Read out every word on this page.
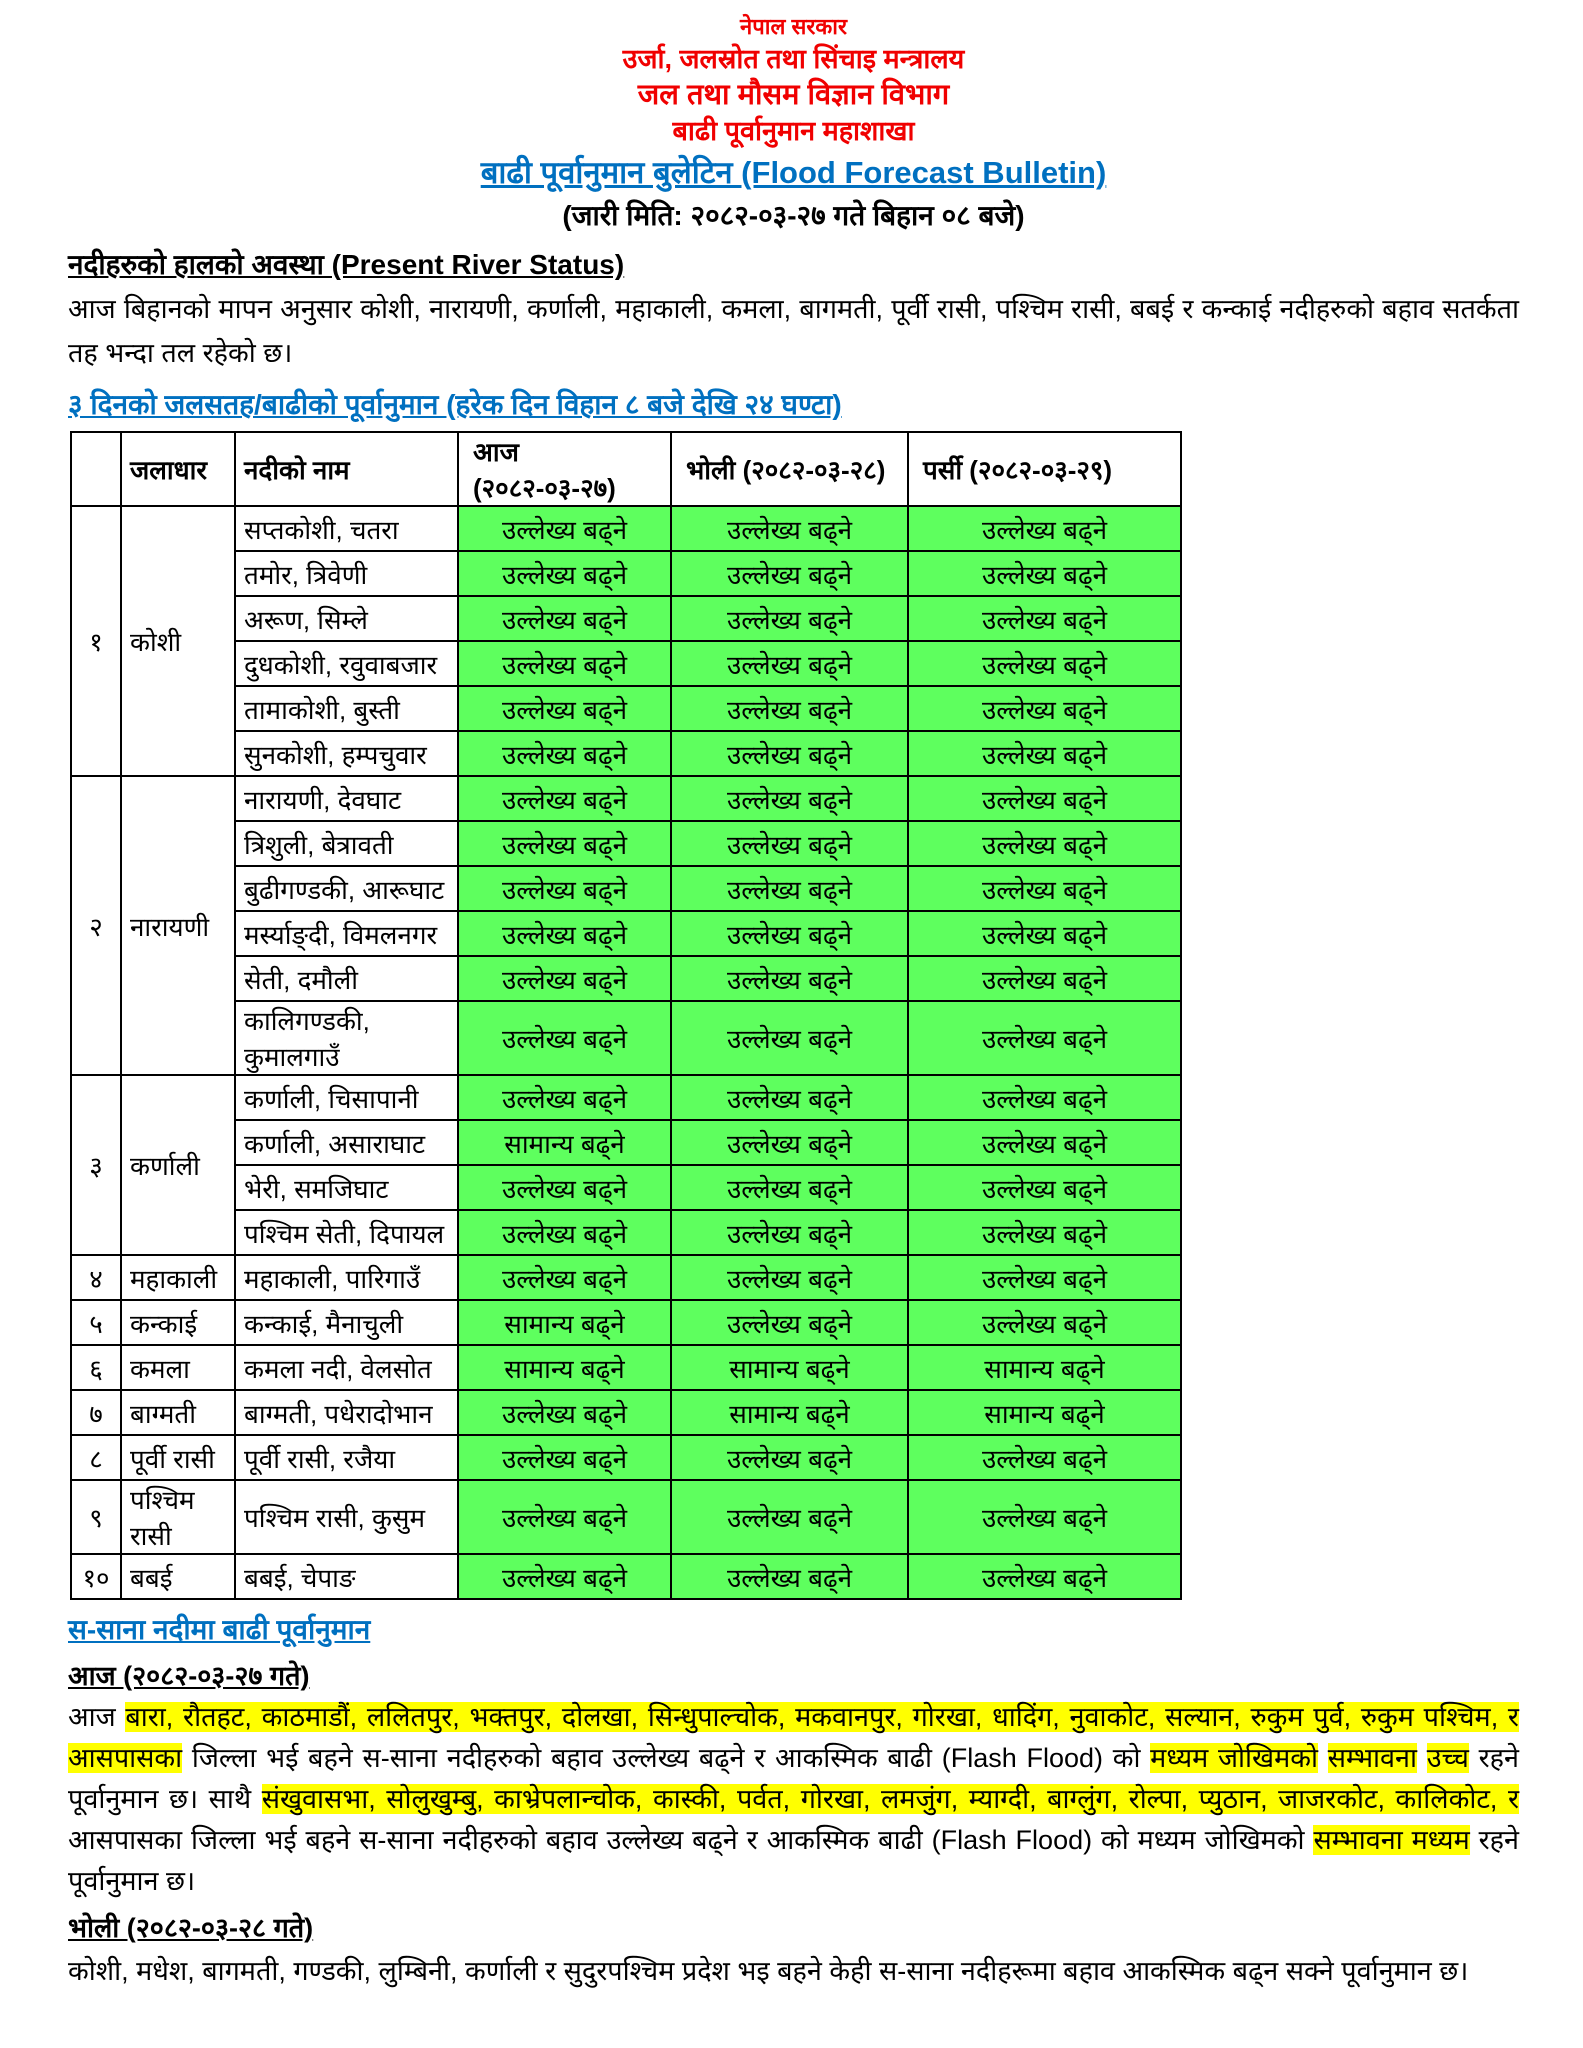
नेपाल सरकार
उर्जा, जलस्रोत तथा सिंचाइ मन्त्रालय
जल तथा मौसम विज्ञान विभाग
बाढी पूर्वानुमान महाशाखा
बाढी पूर्वानुमान बुलेटिन (Flood Forecast Bulletin)
(जारी मिति: २०८२-०३-२७ गते बिहान ०८ बजे)
नदीहरुको हालको अवस्था (Present River Status)

आज बिहानको मापन अनुसार कोशी, नारायणी, कर्णाली, महाकाली, कमला, बागमती, पूर्वी रासी, पश्चिम रासी, बबई र कन्काई नदीहरुको बहाव सतर्कता तह भन्दा तल रहेको छ।

३ दिनको जलसतह/बाढीको पूर्वानुमान (हरेक दिन विहान ८ बजे देखि २४ घण्टा)
	जलाधार	नदीको नाम	आज (२०८२-०३-२७)	भोली (२०८२-०३-२८)	पर्सी (२०८२-०३-२९)
१	कोशी	सप्तकोशी, चतरा	उल्लेख्य बढ्ने	उल्लेख्य बढ्ने	उल्लेख्य बढ्ने
		तमोर, त्रिवेणी	उल्लेख्य बढ्ने	उल्लेख्य बढ्ने	उल्लेख्य बढ्ने
		अरूण, सिम्ले	उल्लेख्य बढ्ने	उल्लेख्य बढ्ने	उल्लेख्य बढ्ने
		दुधकोशी, रवुवाबजार	उल्लेख्य बढ्ने	उल्लेख्य बढ्ने	उल्लेख्य बढ्ने
		तामाकोशी, बुस्ती	उल्लेख्य बढ्ने	उल्लेख्य बढ्ने	उल्लेख्य बढ्ने
		सुनकोशी, हम्पचुवार	उल्लेख्य बढ्ने	उल्लेख्य बढ्ने	उल्लेख्य बढ्ने
२	नारायणी	नारायणी, देवघाट	उल्लेख्य बढ्ने	उल्लेख्य बढ्ने	उल्लेख्य बढ्ने
		त्रिशुली, बेत्रावती	उल्लेख्य बढ्ने	उल्लेख्य बढ्ने	उल्लेख्य बढ्ने
		बुढीगण्डकी, आरूघाट	उल्लेख्य बढ्ने	उल्लेख्य बढ्ने	उल्लेख्य बढ्ने
		मर्स्याङ्दी, विमलनगर	उल्लेख्य बढ्ने	उल्लेख्य बढ्ने	उल्लेख्य बढ्ने
		सेती, दमौली	उल्लेख्य बढ्ने	उल्लेख्य बढ्ने	उल्लेख्य बढ्ने
		कालिगण्डकी, कुमालगाउँ	उल्लेख्य बढ्ने	उल्लेख्य बढ्ने	उल्लेख्य बढ्ने
३	कर्णाली	कर्णाली, चिसापानी	उल्लेख्य बढ्ने	उल्लेख्य बढ्ने	उल्लेख्य बढ्ने
		कर्णाली, असाराघाट	सामान्य बढ्ने	उल्लेख्य बढ्ने	उल्लेख्य बढ्ने
		भेरी, समजिघाट	उल्लेख्य बढ्ने	उल्लेख्य बढ्ने	उल्लेख्य बढ्ने
		पश्चिम सेती, दिपायल	उल्लेख्य बढ्ने	उल्लेख्य बढ्ने	उल्लेख्य बढ्ने
४	महाकाली	महाकाली, पारिगाउँ	उल्लेख्य बढ्ने	उल्लेख्य बढ्ने	उल्लेख्य बढ्ने
५	कन्काई	कन्काई, मैनाचुली	सामान्य बढ्ने	उल्लेख्य बढ्ने	उल्लेख्य बढ्ने
६	कमला	कमला नदी, वेलसोत	सामान्य बढ्ने	सामान्य बढ्ने	सामान्य बढ्ने
७	बाग्मती	बाग्मती, पधेरादोभान	उल्लेख्य बढ्ने	सामान्य बढ्ने	सामान्य बढ्ने
८	पूर्वी रासी	पूर्वी रासी, रजैया	उल्लेख्य बढ्ने	उल्लेख्य बढ्ने	उल्लेख्य बढ्ने
९	पश्चिम रासी	पश्चिम रासी, कुसुम	उल्लेख्य बढ्ने	उल्लेख्य बढ्ने	उल्लेख्य बढ्ने
१०	बबई	बबई, चेपाङ	उल्लेख्य बढ्ने	उल्लेख्य बढ्ने	उल्लेख्य बढ्ने
स-साना नदीमा बाढी पूर्वानुमान
आज (२०८२-०३-२७ गते)

आज बारा, रौतहट, काठमाडौं, ललितपुर, भक्तपुर, दोलखा, सिन्धुपाल्चोक, मकवानपुर, गोरखा, धादिंग, नुवाकोट, सल्यान, रुकुम पुर्व, रुकुम पश्चिम, र आसपासका जिल्ला भई बहने स-साना नदीहरुको बहाव उल्लेख्य बढ्ने र आकस्मिक बाढी (Flash Flood) को मध्यम जोखिमको सम्भावना उच्च रहने पूर्वानुमान छ। साथै संखुवासभा, सोलुखुम्बु, काभ्रेपलान्चोक, कास्की, पर्वत, गोरखा, लमजुंग, म्याग्दी, बाग्लुंग, रोल्पा, प्युठान, जाजरकोट, कालिकोट, र आसपासका जिल्ला भई बहने स-साना नदीहरुको बहाव उल्लेख्य बढ्ने र आकस्मिक बाढी (Flash Flood) को मध्यम जोखिमको सम्भावना मध्यम रहने पूर्वानुमान छ।

भोली (२०८२-०३-२८ गते)

कोशी, मधेश, बागमती, गण्डकी, लुम्बिनी, कर्णाली र सुदुरपश्चिम प्रदेश भइ बहने केही स-साना नदीहरूमा बहाव आकस्मिक बढ्न सक्ने पूर्वानुमान छ।
